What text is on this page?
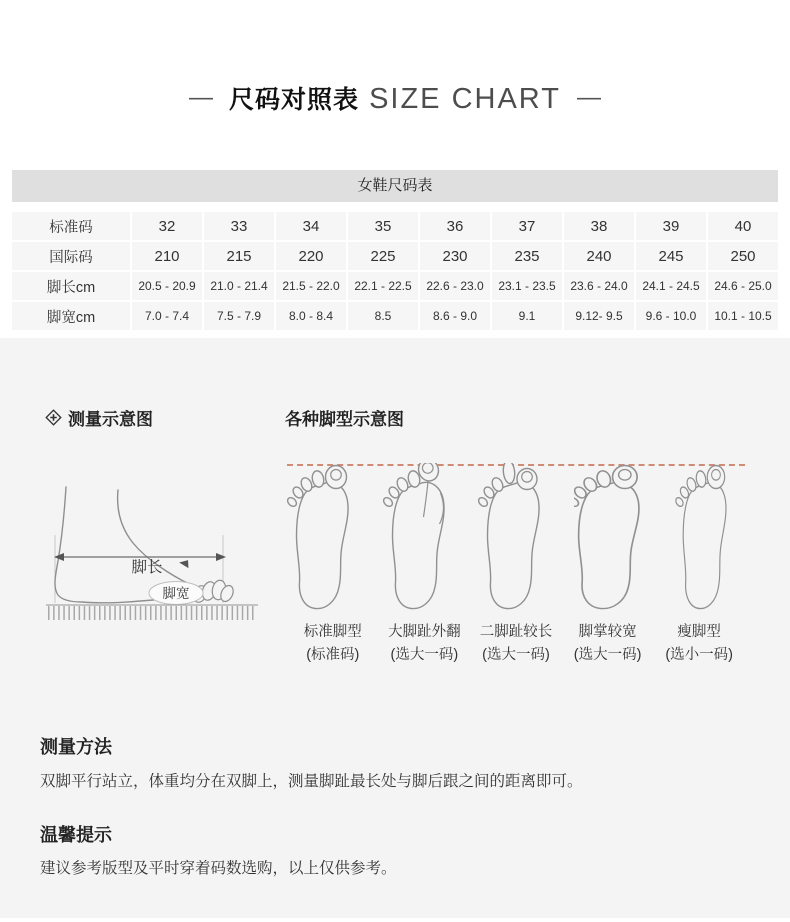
— 尺码对照表 SIZE CHART —
女鞋尺码表
标准码	32	33	34	35	36	37	38	39	40
国际码	210	215	220	225	230	235	240	245	250
脚长cm	20.5 - 20.9	21.0 - 21.4	21.5 - 22.0	22.1 - 22.5	22.6 - 23.0	23.1 - 23.5	23.6 - 24.0	24.1 - 24.5	24.6 - 25.0
脚宽cm	7.0 - 7.4	7.5 - 7.9	8.0 - 8.4	8.5	8.6 - 9.0	9.1	9.12- 9.5	9.6 - 10.0	10.1 - 10.5
测量示意图	各种脚型示意图
脚长
脚宽
标准脚型
(标准码)
大脚趾外翻
(选大一码)
二脚趾较长
(选大一码)
脚掌较宽
(选大一码)
瘦脚型
(选小一码)
测量方法
双脚平行站立，体重均分在双脚上，测量脚趾最长处与脚后跟之间的距离即可。
温馨提示
建议参考版型及平时穿着码数选购，以上仅供参考。
